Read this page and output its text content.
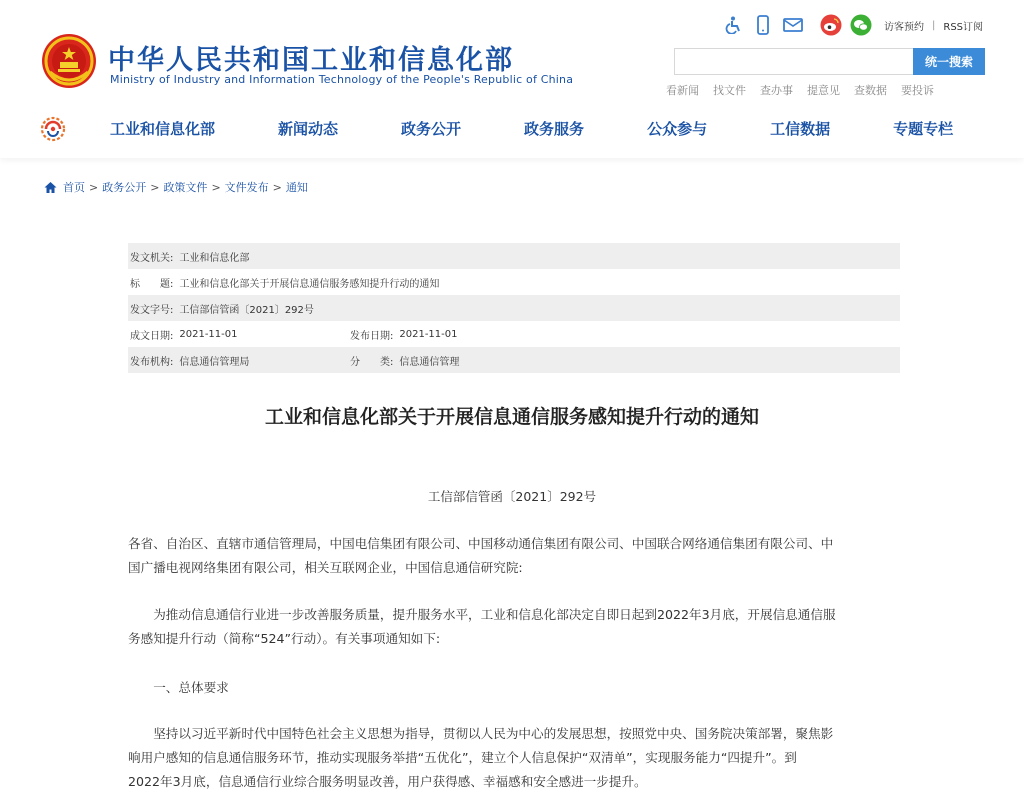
中华人民共和国工业和信息化部
Ministry of Industry and Information Technology of the People's Republic of China
访客预约 | RSS订阅
统一搜索
看新闻 找文件 查办事 提意见 查数据 要投诉
工业和信息化部	新闻动态	政务公开	政务服务	公众参与	工信数据	专题专栏
首页 > 政务公开 > 政策文件 > 文件发布 > 通知
发文机关: 工业和信息化部
标　　题: 工业和信息化部关于开展信息通信服务感知提升行动的通知
发文字号: 工信部信管函〔2021〕292号
成文日期: 2021-11-01	发布日期: 2021-11-01
发布机构: 信息通信管理局	分　　类: 信息通信管理
工业和信息化部关于开展信息通信服务感知提升行动的通知
工信部信管函〔2021〕292号
各省、自治区、直辖市通信管理局，中国电信集团有限公司、中国移动通信集团有限公司、中国联合网络通信集团有限公司、中
国广播电视网络集团有限公司，相关互联网企业，中国信息通信研究院:
　　为推动信息通信行业进一步改善服务质量，提升服务水平，工业和信息化部决定自即日起到2022年3月底，开展信息通信服
务感知提升行动（简称“524”行动）。有关事项通知如下:
　　一、总体要求
　　坚持以习近平新时代中国特色社会主义思想为指导，贯彻以人民为中心的发展思想，按照党中央、国务院决策部署，聚焦影
响用户感知的信息通信服务环节，推动实现服务举措“五优化”，建立个人信息保护“双清单”，实现服务能力“四提升”。到
2022年3月底，信息通信行业综合服务明显改善，用户获得感、幸福感和安全感进一步提升。
